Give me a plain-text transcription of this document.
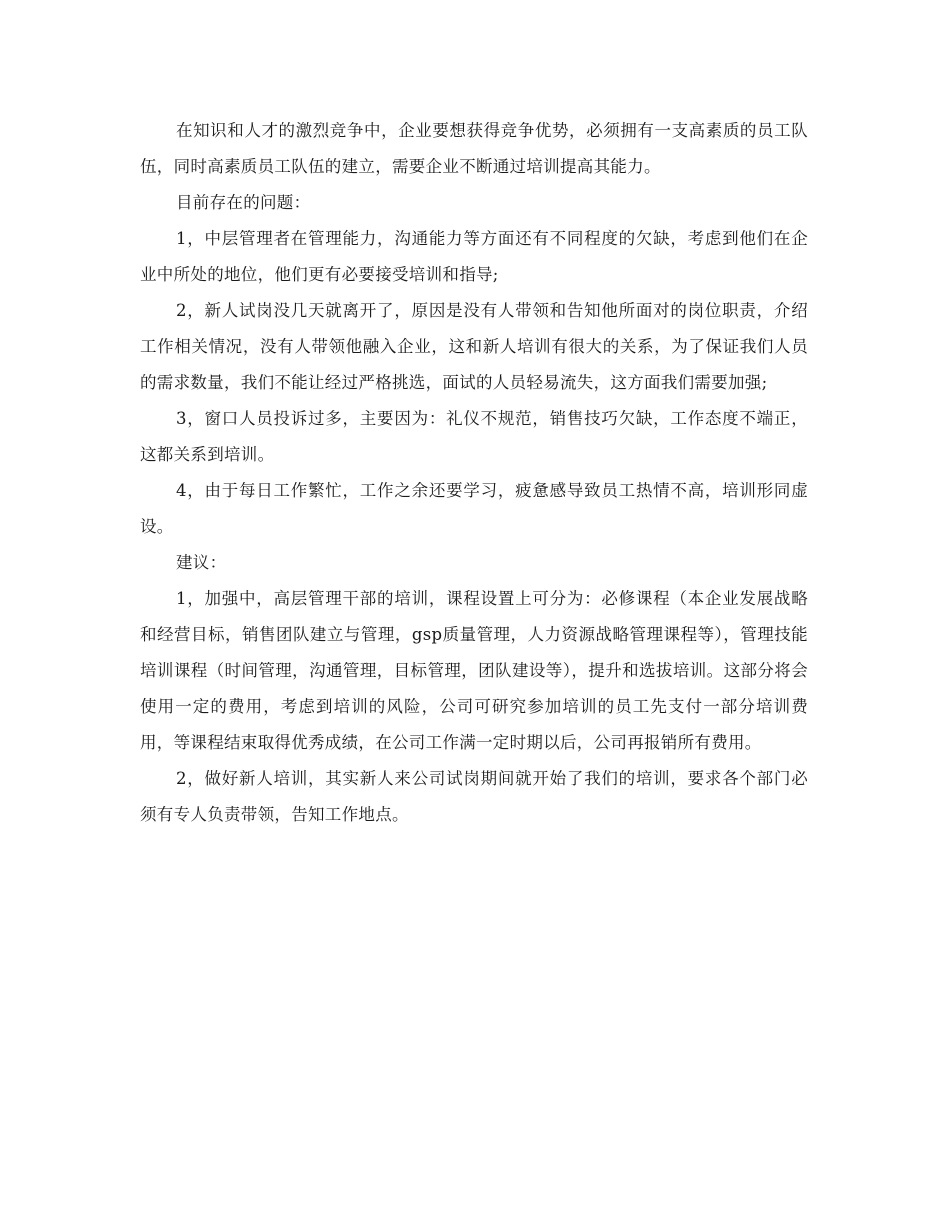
在知识和人才的激烈竞争中，企业要想获得竞争优势，必须拥有一支高素质的员工队伍，同时高素质员工队伍的建立，需要企业不断通过培训提高其能力。

目前存在的问题：

1，中层管理者在管理能力，沟通能力等方面还有不同程度的欠缺，考虑到他们在企业中所处的地位，他们更有必要接受培训和指导;

2，新人试岗没几天就离开了，原因是没有人带领和告知他所面对的岗位职责，介绍工作相关情况，没有人带领他融入企业，这和新人培训有很大的关系，为了保证我们人员的需求数量，我们不能让经过严格挑选，面试的人员轻易流失，这方面我们需要加强;

3，窗口人员投诉过多，主要因为：礼仪不规范，销售技巧欠缺，工作态度不端正，这都关系到培训。

4，由于每日工作繁忙，工作之余还要学习，疲惫感导致员工热情不高，培训形同虚设。

建议：

1，加强中，高层管理干部的培训，课程设置上可分为：必修课程（本企业发展战略和经营目标，销售团队建立与管理，gsp质量管理，人力资源战略管理课程等），管理技能培训课程（时间管理，沟通管理，目标管理，团队建设等），提升和选拔培训。这部分将会使用一定的费用，考虑到培训的风险，公司可研究参加培训的员工先支付一部分培训费用，等课程结束取得优秀成绩，在公司工作满一定时期以后，公司再报销所有费用。

2，做好新人培训，其实新人来公司试岗期间就开始了我们的培训，要求各个部门必须有专人负责带领，告知工作地点。
